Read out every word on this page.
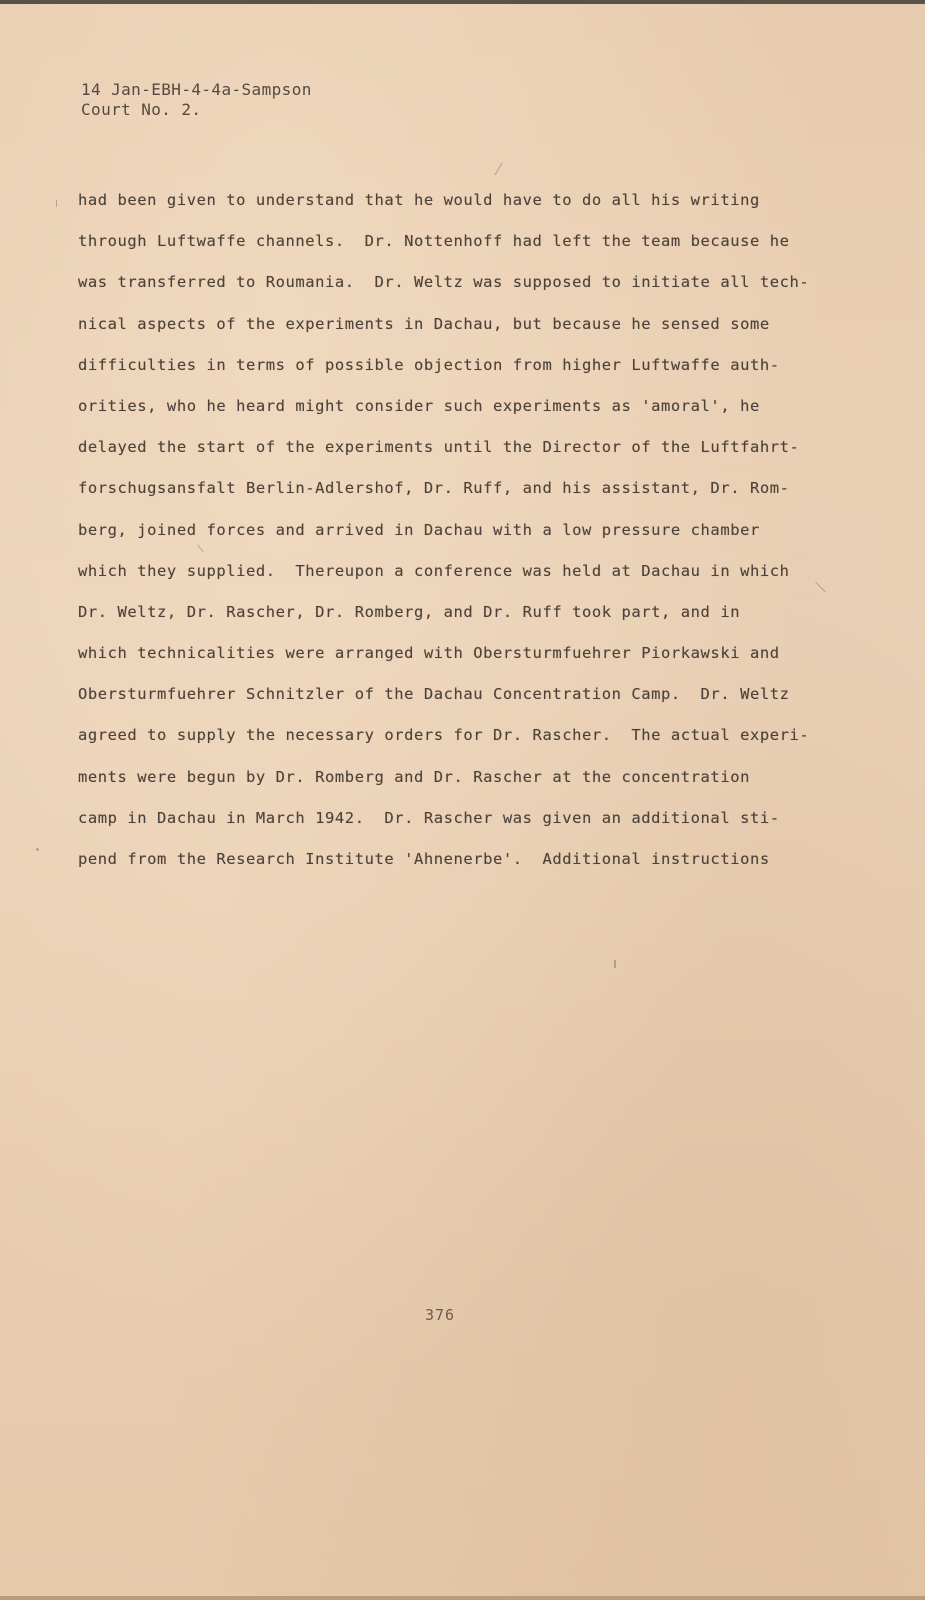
14 Jan-EBH-4-4a-Sampson
Court No. 2.
had been given to understand that he would have to do all his writing
through Luftwaffe channels.  Dr. Nottenhoff had left the team because he
was transferred to Roumania.  Dr. Weltz was supposed to initiate all tech-
nical aspects of the experiments in Dachau, but because he sensed some
difficulties in terms of possible objection from higher Luftwaffe auth-
orities, who he heard might consider such experiments as 'amoral', he
delayed the start of the experiments until the Director of the Luftfahrt-
forschugsansfalt Berlin-Adlershof, Dr. Ruff, and his assistant, Dr. Rom-
berg, joined forces and arrived in Dachau with a low pressure chamber
which they supplied.  Thereupon a conference was held at Dachau in which
Dr. Weltz, Dr. Rascher, Dr. Romberg, and Dr. Ruff took part, and in
which technicalities were arranged with Obersturmfuehrer Piorkawski and
Obersturmfuehrer Schnitzler of the Dachau Concentration Camp.  Dr. Weltz
agreed to supply the necessary orders for Dr. Rascher.  The actual experi-
ments were begun by Dr. Romberg and Dr. Rascher at the concentration
camp in Dachau in March 1942.  Dr. Rascher was given an additional sti-
pend from the Research Institute 'Ahnenerbe'.  Additional instructions
376
